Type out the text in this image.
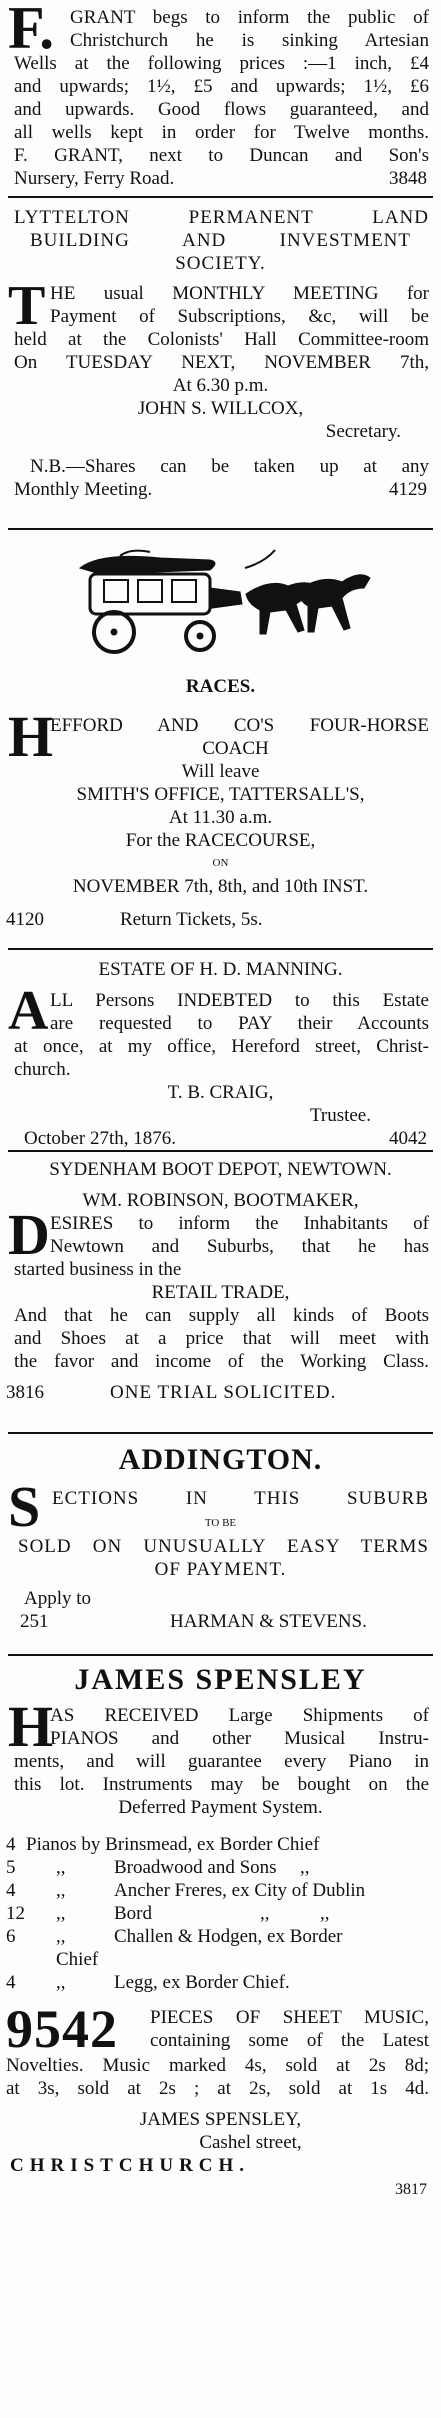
F. GRANT begs to inform the public of
Christchurch he is sinking Artesian
Wells at the following prices :—1 inch, £4
and upwards; 1½, £5 and upwards; 1½, £6
and upwards. Good flows guaranteed, and
all wells kept in order for Twelve months.
F. GRANT, next to Duncan and Son's
Nursery, Ferry Road.	3848
LYTTELTON PERMANENT LAND
BUILDING AND INVESTMENT
SOCIETY.
T HE usual MONTHLY MEETING for
Payment of Subscriptions, &c, will be
held at the Colonists' Hall Committee-room
On TUESDAY NEXT, NOVEMBER 7th,
At 6.30 p.m.
JOHN S. WILLCOX,
Secretary.
N.B.—Shares can be taken up at any
Monthly Meeting.	4129
RACES.
H
EFFORD AND CO'S FOUR-HORSE
COACH
Will leave
SMITH'S OFFICE, TATTERSALL'S,
At 11.30 a.m.
For the RACECOURSE,
ON
NOVEMBER 7th, 8th, and 10th INST.
4120	Return Tickets, 5s.
ESTATE OF H. D. MANNING.
A LL Persons INDEBTED to this Estate
are requested to PAY their Accounts
at once, at my office, Hereford street, Christ-
church.
T. B. CRAIG,
Trustee.
October 27th, 1876.	4042
SYDENHAM BOOT DEPOT, NEWTOWN.
WM. ROBINSON, BOOTMAKER,
D ESIRES to inform the Inhabitants of
Newtown and Suburbs, that he has
started business in the
RETAIL TRADE,
And that he can supply all kinds of Boots
and Shoes at a price that will meet with
the favor and income of the Working Class.
3816	ONE TRIAL SOLICITED.
ADDINGTON.
S ECTIONS IN THIS SUBURB
TO BE
SOLD ON UNUSUALLY EASY TERMS
OF PAYMENT.
Apply to
251	HARMAN & STEVENS.
JAMES SPENSLEY
H
AS RECEIVED Large Shipments of
PIANOS and other Musical Instru-
ments, and will guarantee every Piano in
this lot. Instruments may be bought on the
Deferred Payment System.
4 Pianos by Brinsmead, ex Border Chief
5 ,,	Broadwood and Sons ,,
4 ,,	Ancher Freres, ex City of Dublin
12 ,,	Bord	,,	,,
6 ,,	Challen & Hodgen, ex Border
Chief
4 ,,	Legg, ex Border Chief.
9542 PIECES OF SHEET MUSIC,
containing some of the Latest
Novelties. Music marked 4s, sold at 2s 8d;
at 3s, sold at 2s ; at 2s, sold at 1s 4d.
JAMES SPENSLEY,
Cashel street,
CHRISTCHURCH.
3817
